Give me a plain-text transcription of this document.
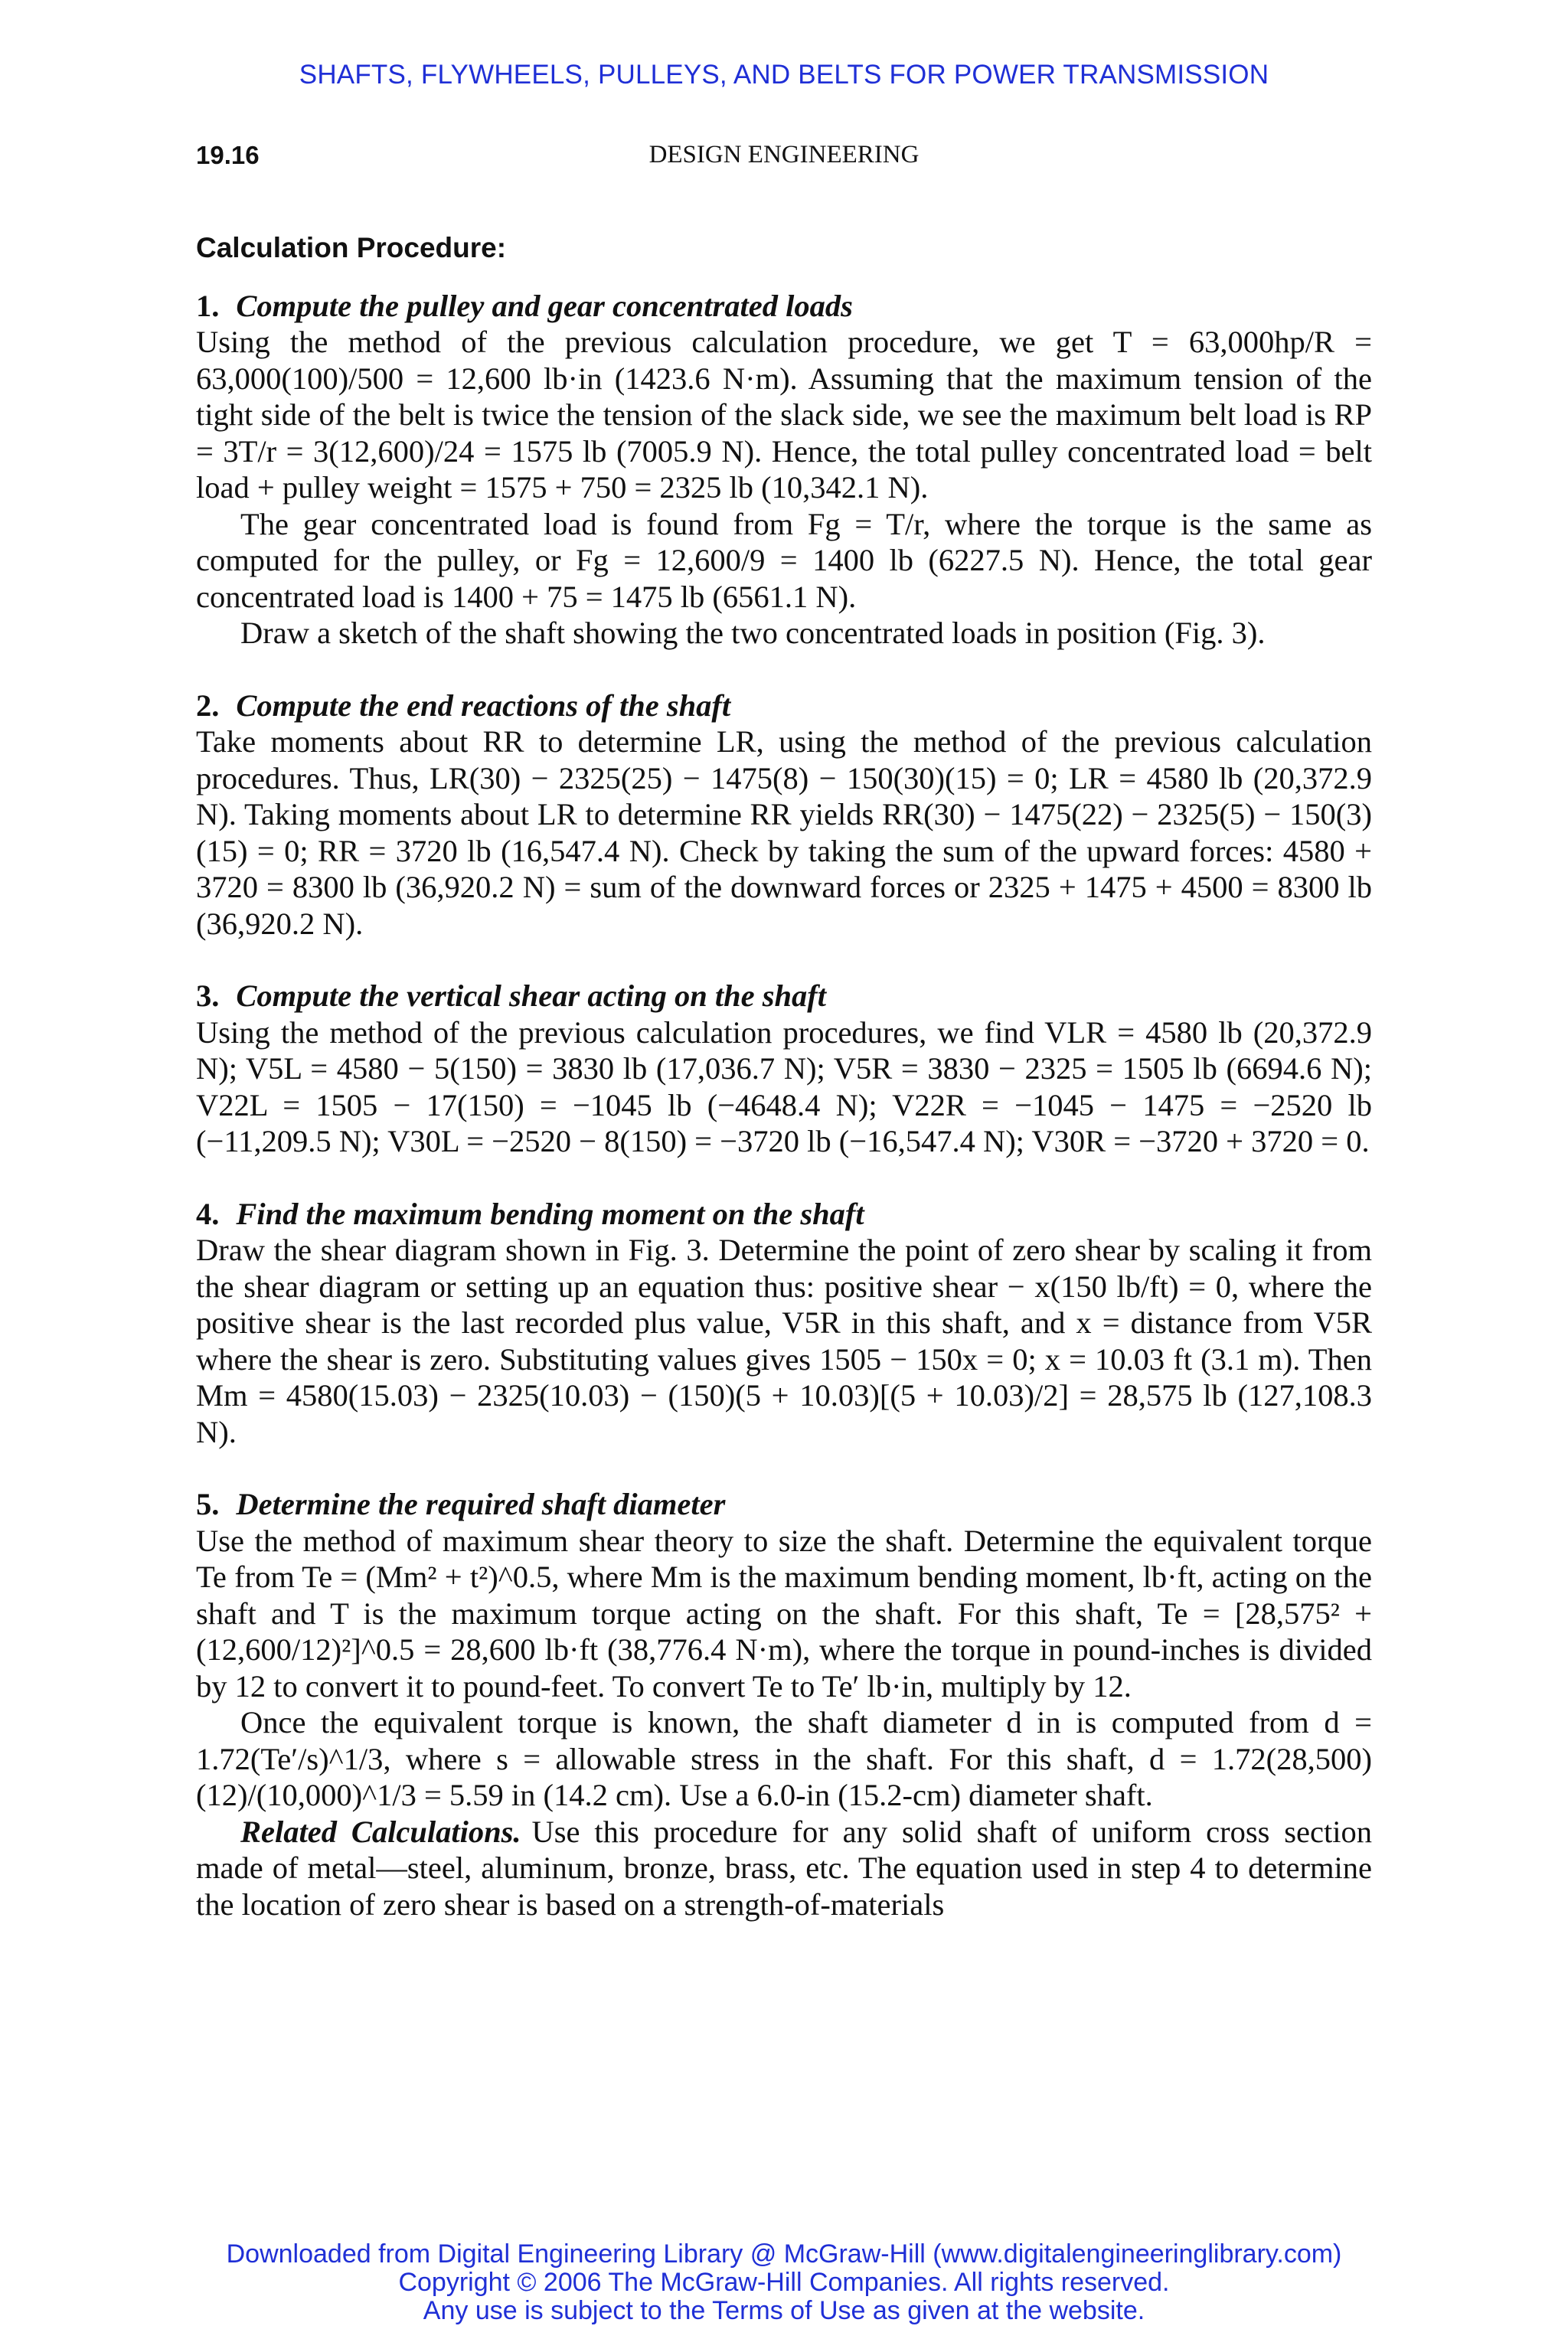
SHAFTS, FLYWHEELS, PULLEYS, AND BELTS FOR POWER TRANSMISSION
19.16	DESIGN ENGINEERING
Calculation Procedure:
1. Compute the pulley and gear concentrated loads

Using the method of the previous calculation procedure, we get T = 63,000hp/R = 63,000(100)/500 = 12,600 lb·in (1423.6 N·m). Assuming that the maximum tension of the tight side of the belt is twice the tension of the slack side, we see the maximum belt load is RP = 3T/r = 3(12,600)/24 = 1575 lb (7005.9 N). Hence, the total pulley concentrated load = belt load + pulley weight = 1575 + 750 = 2325 lb (10,342.1 N).

The gear concentrated load is found from Fg = T/r, where the torque is the same as computed for the pulley, or Fg = 12,600/9 = 1400 lb (6227.5 N). Hence, the total gear concentrated load is 1400 + 75 = 1475 lb (6561.1 N).

Draw a sketch of the shaft showing the two concentrated loads in position (Fig. 3).

2. Compute the end reactions of the shaft

Take moments about RR to determine LR, using the method of the previous calculation procedures. Thus, LR(30) − 2325(25) − 1475(8) − 150(30)(15) = 0; LR = 4580 lb (20,372.9 N). Taking moments about LR to determine RR yields RR(30) − 1475(22) − 2325(5) − 150(3)(15) = 0; RR = 3720 lb (16,547.4 N). Check by taking the sum of the upward forces: 4580 + 3720 = 8300 lb (36,920.2 N) = sum of the downward forces or 2325 + 1475 + 4500 = 8300 lb (36,920.2 N).

3. Compute the vertical shear acting on the shaft

Using the method of the previous calculation procedures, we find VLR = 4580 lb (20,372.9 N); V5L = 4580 − 5(150) = 3830 lb (17,036.7 N); V5R = 3830 − 2325 = 1505 lb (6694.6 N); V22L = 1505 − 17(150) = −1045 lb (−4648.4 N); V22R = −1045 − 1475 = −2520 lb (−11,209.5 N); V30L = −2520 − 8(150) = −3720 lb (−16,547.4 N); V30R = −3720 + 3720 = 0.

4. Find the maximum bending moment on the shaft

Draw the shear diagram shown in Fig. 3. Determine the point of zero shear by scaling it from the shear diagram or setting up an equation thus: positive shear − x(150 lb/ft) = 0, where the positive shear is the last recorded plus value, V5R in this shaft, and x = distance from V5R where the shear is zero. Substituting values gives 1505 − 150x = 0; x = 10.03 ft (3.1 m). Then Mm = 4580(15.03) − 2325(10.03) − (150)(5 + 10.03)[(5 + 10.03)/2] = 28,575 lb (127,108.3 N).

5. Determine the required shaft diameter

Use the method of maximum shear theory to size the shaft. Determine the equivalent torque Te from Te = (Mm² + t²)^0.5, where Mm is the maximum bending moment, lb·ft, acting on the shaft and T is the maximum torque acting on the shaft. For this shaft, Te = [28,575² + (12,600/12)²]^0.5 = 28,600 lb·ft (38,776.4 N·m), where the torque in pound-inches is divided by 12 to convert it to pound-feet. To convert Te to Te′ lb·in, multiply by 12.

Once the equivalent torque is known, the shaft diameter d in is computed from d = 1.72(Te′/s)^1/3, where s = allowable stress in the shaft. For this shaft, d = 1.72(28,500)(12)/(10,000)^1/3 = 5.59 in (14.2 cm). Use a 6.0-in (15.2-cm) diameter shaft.

Related Calculations. Use this procedure for any solid shaft of uniform cross section made of metal—steel, aluminum, bronze, brass, etc. The equation used in step 4 to determine the location of zero shear is based on a strength-of-materials

Downloaded from Digital Engineering Library @ McGraw-Hill (www.digitalengineeringlibrary.com)
Copyright © 2006 The McGraw-Hill Companies. All rights reserved.
Any use is subject to the Terms of Use as given at the website.
